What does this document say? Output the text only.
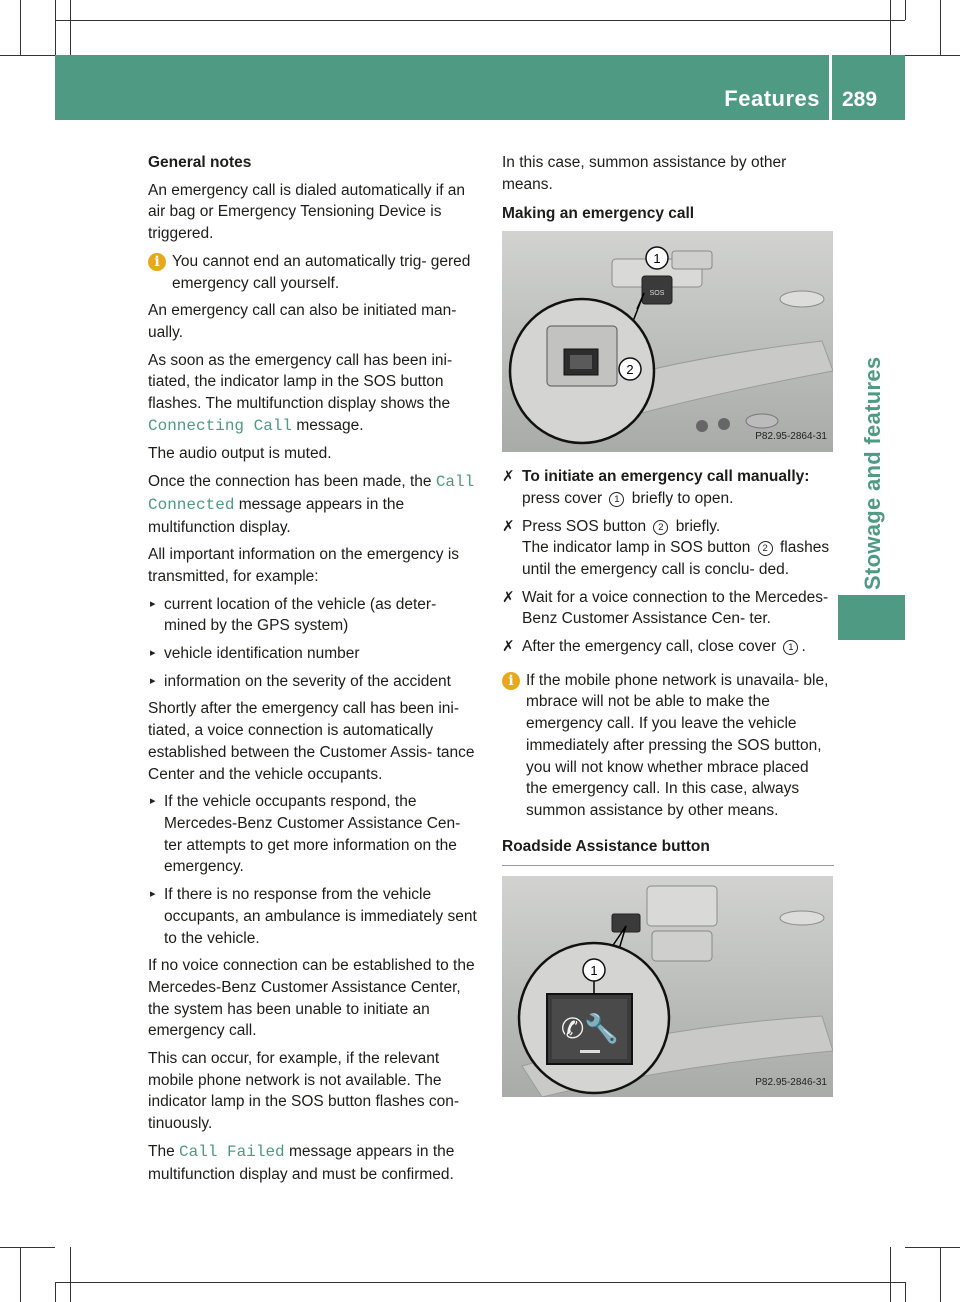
Features 289
Stowage and features

General notes

An emergency call is dialed automatically if an air bag or Emergency Tensioning Device is triggered.

i You cannot end an automatically trig- gered emergency call yourself.

An emergency call can also be initiated man- ually.

As soon as the emergency call has been ini- tiated, the indicator lamp in the SOS button flashes. The multifunction display shows the Connecting Call message.

The audio output is muted.

Once the connection has been made, the Call Connected message appears in the multifunction display.

All important information on the emergency is transmitted, for example:

▸ current location of the vehicle (as deter- mined by the GPS system)
▸ vehicle identification number
▸ information on the severity of the accident

Shortly after the emergency call has been ini- tiated, a voice connection is automatically established between the Customer Assis- tance Center and the vehicle occupants.

▸ If the vehicle occupants respond, the Mercedes-Benz Customer Assistance Cen- ter attempts to get more information on the emergency.
▸ If there is no response from the vehicle occupants, an ambulance is immediately sent to the vehicle.

If no voice connection can be established to the Mercedes-Benz Customer Assistance Center, the system has been unable to initiate an emergency call.

This can occur, for example, if the relevant mobile phone network is not available. The indicator lamp in the SOS button flashes con- tinuously.

The Call Failed message appears in the multifunction display and must be confirmed.

In this case, summon assistance by other means.

Making an emergency call

SOS
1
2
P82.95-2864-31
✗ To initiate an emergency call manually:
press cover 1 briefly to open.
✗ Press SOS button 2 briefly.
The indicator lamp in SOS button 2 flashes until the emergency call is conclu- ded.
✗ Wait for a voice connection to the Mercedes-Benz Customer Assistance Cen- ter.
✗ After the emergency call, close cover 1 .

i If the mobile phone network is unavaila- ble, mbrace will not be able to make the emergency call. If you leave the vehicle immediately after pressing the SOS button, you will not know whether mbrace placed the emergency call. In this case, always summon assistance by other means.

Roadside Assistance button

✆🔧
1
P82.95-2846-31
